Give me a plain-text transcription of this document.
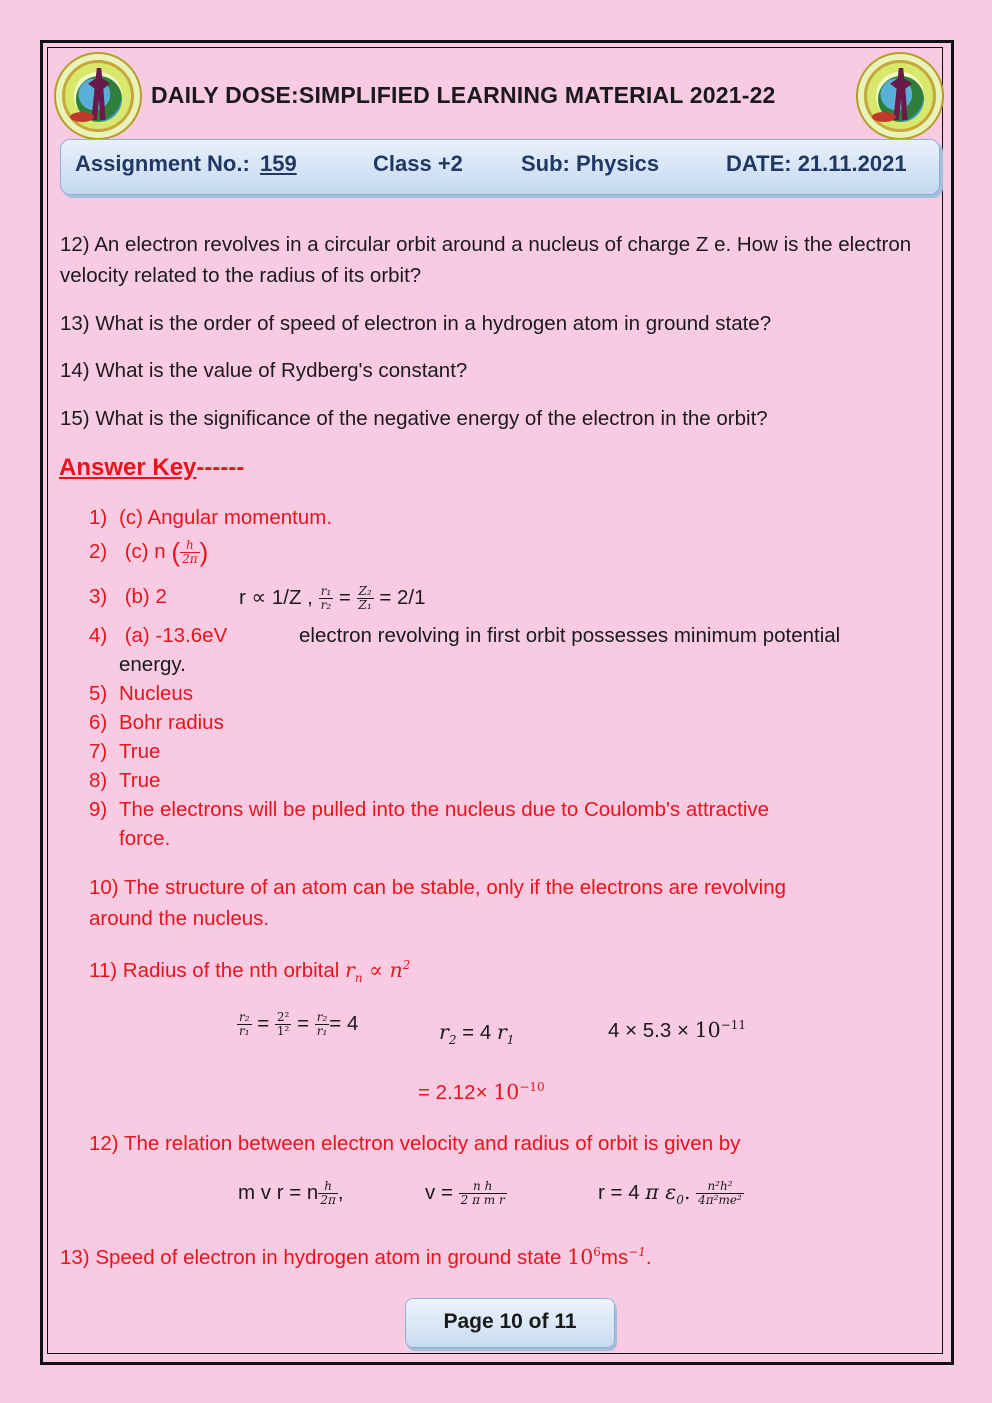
DAILY DOSE:SIMPLIFIED LEARNING MATERIAL 2021-22
Assignment No.: 159	Class +2	Sub: Physics	DATE: 21.11.2021
12) An electron revolves in a circular orbit around a nucleus of charge Z e. How is the electron velocity related to the radius of its orbit?
13) What is the order of speed of electron in a hydrogen atom in ground state?
14) What is the value of Rydberg's constant?
15) What is the significance of the negative energy of the electron in the orbit?
Answer Key------
1) (c) Angular momentum.
2) (c) n ( $\frac{h}{2\pi}$ )
3) (b) 2	r ∝ 1/Z , $\frac{\text{r₁}}{\text{r₂}} = \frac{\text{Z₂}}{\text{Z₁}} = 2/1$
4) (a) -13.6eV	electron revolving in first orbit possesses minimum potential
energy.
5) Nucleus
6) Bohr radius
7) True
8) True
9) The electrons will be pulled into the nucleus due to Coulomb's attractive
force.
10) The structure of an atom can be stable, only if the electrons are revolving
around the nucleus.
11) Radius of the nth orbital $r_n \propto n^2$
$\frac{\text{r₂}}{\text{r₁}} = \frac{\text{2²}}{\text{1²}} = \frac{\text{r₂}}{\text{r₁}} = 4$	$r_2 = 4$ $r_1$	$4 \times 5.3 \times 10^{-11}$
= $2.12\times 10^{-10}$
12) The relation between electron velocity and radius of orbit is given by
m v r = n $\frac{h}{2\pi}$ ,	$v = \frac{\text{n h}}{\text{2 π m r}}$	r = 4 π $\varepsilon_0$. $\frac{\text{n²h²}}{\text{4π²me²}}$
13) Speed of electron in hydrogen atom in ground state $10^6ms^{-1}$.
Page 10 of 11
